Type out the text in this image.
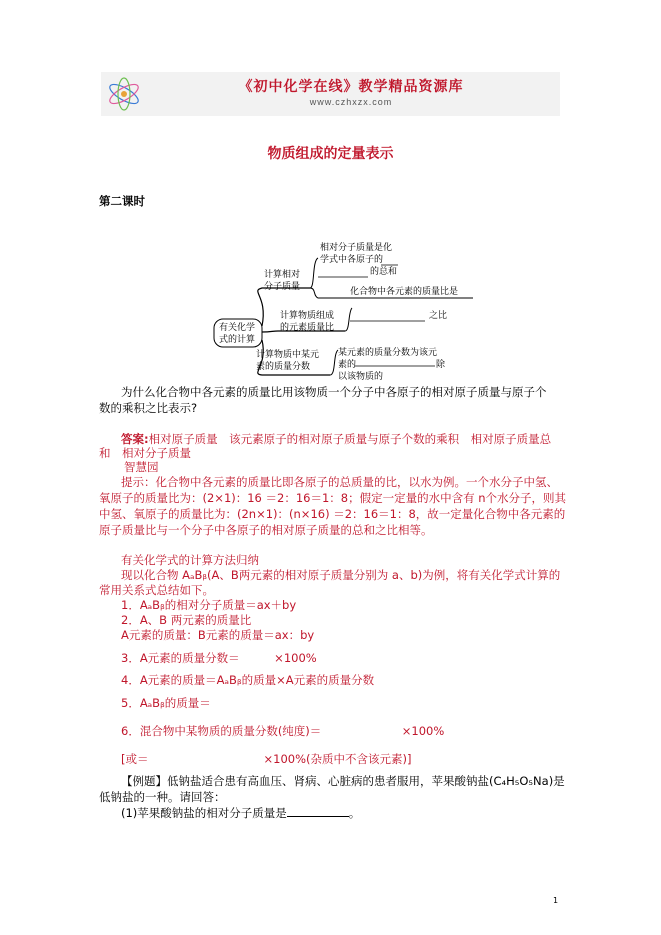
《初中化学在线》教学精品资源库
www.czhxzx.com
物质组成的定量表示
第二课时
有关化学
式的计算
计算相对
分子质量
相对分子质量是化
学式中各原子的
的总和
化合物中各元素的质量比是
计算物质组成
的元素质量比
之比
计算物质中某元
素的质量分数
某元素的质量分数为该元
素的	除
以该物质的
为什么化合物中各元素的质量比用该物质一个分子中各原子的相对原子质量与原子个
数的乘积之比表示?
答案:相对原子质量　该元素原子的相对原子质量与原子个数的乘积　相对原子质量总
和　相对分子质量
智慧园
提示：化合物中各元素的质量比即各原子的总质量的比，以水为例。一个水分子中氢、
氧原子的质量比为：(2×1)：16 ＝2：16＝1：8；假定一定量的水中含有 n个水分子，则其
中氢、氧原子的质量比为：(2n×1)：(n×16) ＝2：16＝1：8，故一定量化合物中各元素的
原子质量比与一个分子中各原子的相对原子质量的总和之比相等。
有关化学式的计算方法归纳
现以化合物 AₐBᵦ(A、B两元素的相对原子质量分别为 a、b)为例，将有关化学式计算的
常用关系式总结如下。
1．AₐBᵦ的相对分子质量＝ax＋by
2．A、B 两元素的质量比
A元素的质量：B元素的质量＝ax：by
3．A元素的质量分数＝　　　×100%
4．A元素的质量＝AₐBᵦ的质量×A元素的质量分数
5．AₐBᵦ的质量＝
6．混合物中某物质的质量分数(纯度)＝　　　　　　　×100%
[或＝　　　　　　　　　　×100%(杂质中不含该元素)]
【例题】低钠盐适合患有高血压、肾病、心脏病的患者服用，苹果酸钠盐(C₄H₅O₅Na)是
低钠盐的一种。请回答：
(1)苹果酸钠盐的相对分子质量是	。
1
